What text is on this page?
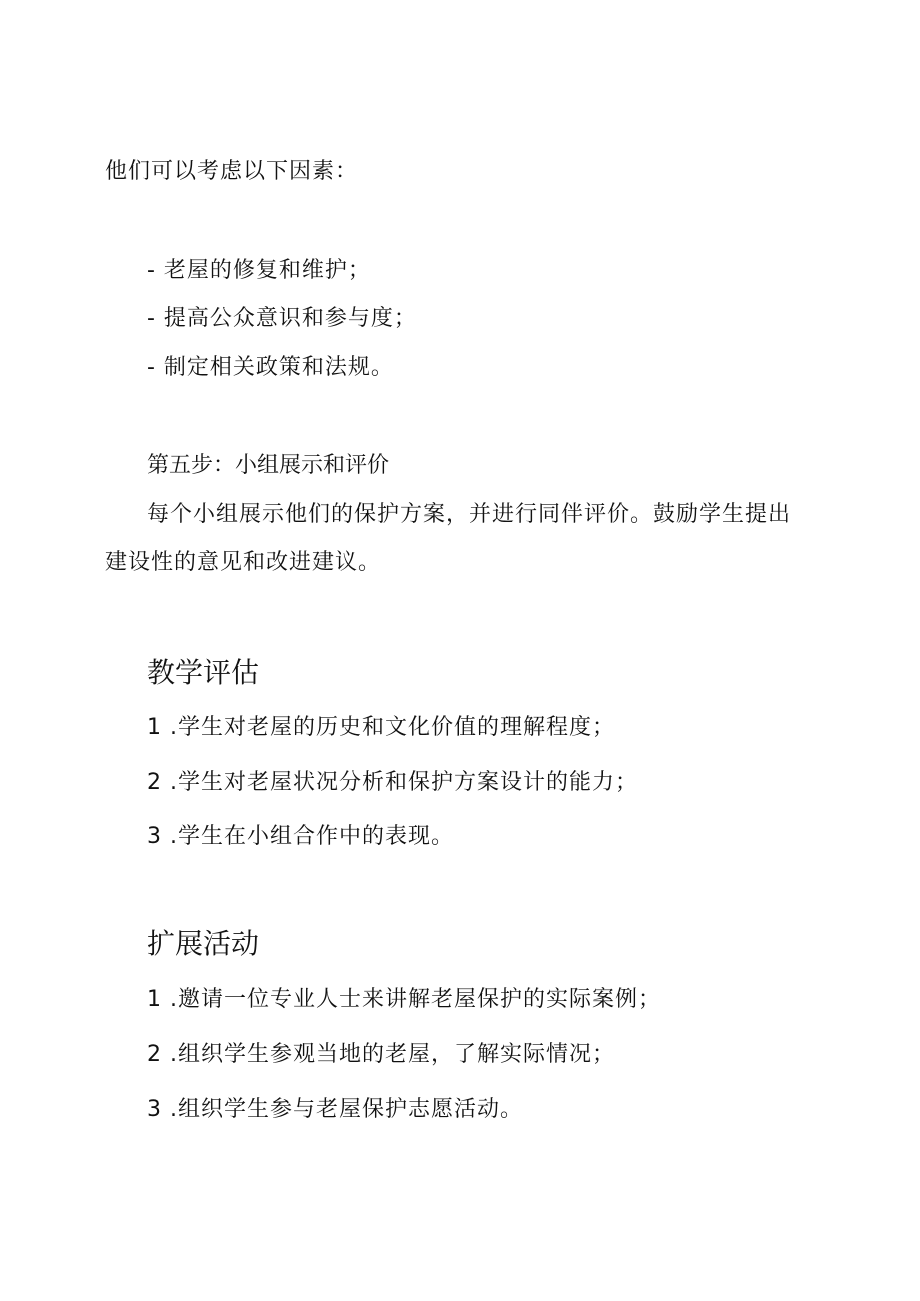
他们可以考虑以下因素：
- 老屋的修复和维护；
- 提高公众意识和参与度；
- 制定相关政策和法规。
第五步：小组展示和评价
每个小组展示他们的保护方案，并进行同伴评价。鼓励学生提出
建设性的意见和改进建议。
教学评估
1 .学生对老屋的历史和文化价值的理解程度；
2 .学生对老屋状况分析和保护方案设计的能力；
3 .学生在小组合作中的表现。
扩展活动
1 .邀请一位专业人士来讲解老屋保护的实际案例；
2 .组织学生参观当地的老屋，了解实际情况；
3 .组织学生参与老屋保护志愿活动。
